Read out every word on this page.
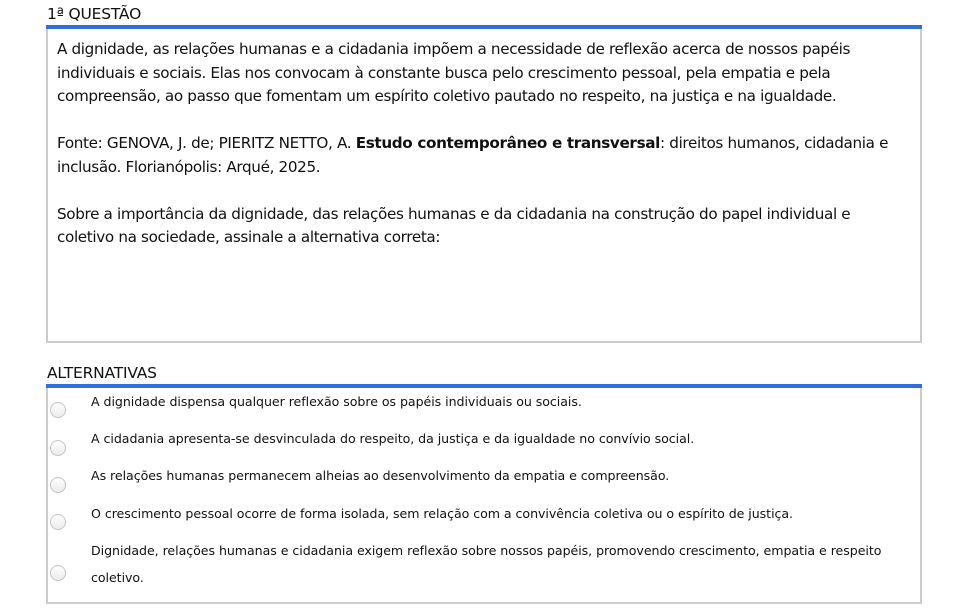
1ª QUESTÃO

A dignidade, as relações humanas e a cidadania impõem a necessidade de reflexão acerca de nossos papéis individuais e sociais. Elas nos convocam à constante busca pelo crescimento pessoal, pela empatia e pela compreensão, ao passo que fomentam um espírito coletivo pautado no respeito, na justiça e na igualdade.

Fonte: GENOVA, J. de; PIERITZ NETTO, A. Estudo contemporâneo e transversal: direitos humanos, cidadania e inclusão. Florianópolis: Arqué, 2025.

Sobre a importância da dignidade, das relações humanas e da cidadania na construção do papel individual e coletivo na sociedade, assinale a alternativa correta:

ALTERNATIVAS
A dignidade dispensa qualquer reflexão sobre os papéis individuais ou sociais.
A cidadania apresenta-se desvinculada do respeito, da justiça e da igualdade no convívio social.
As relações humanas permanecem alheias ao desenvolvimento da empatia e compreensão.
O crescimento pessoal ocorre de forma isolada, sem relação com a convivência coletiva ou o espírito de justiça.
Dignidade, relações humanas e cidadania exigem reflexão sobre nossos papéis, promovendo crescimento, empatia e respeito coletivo.
